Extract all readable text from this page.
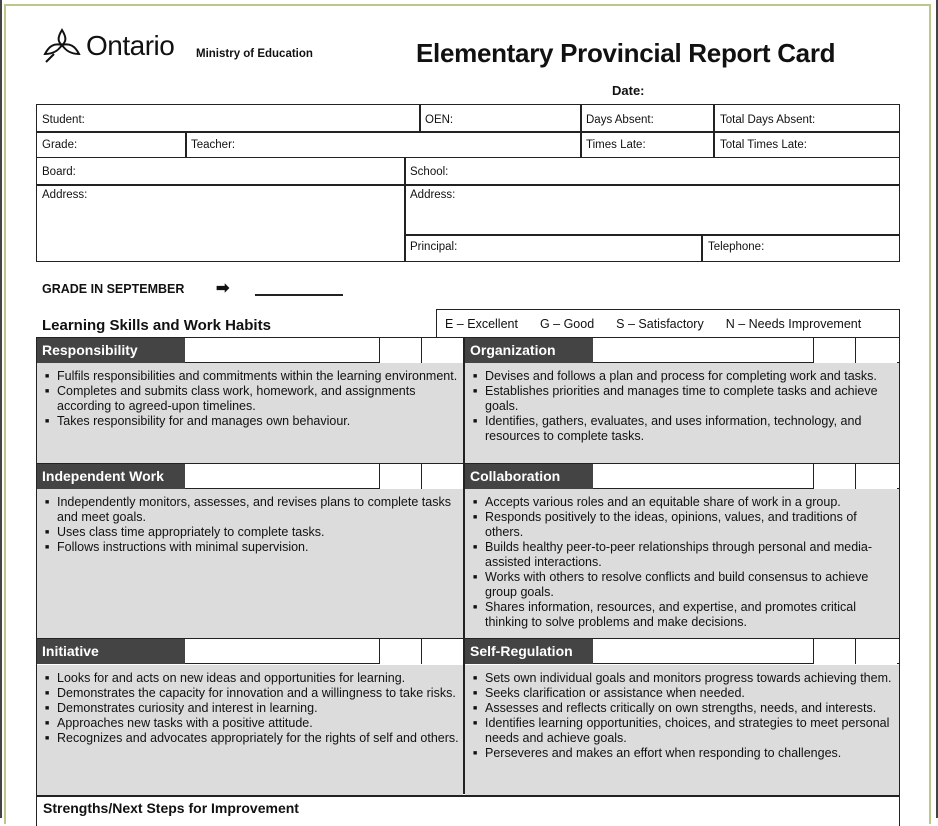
Ontario Ministry of Education	Elementary Provincial Report Card
Date:
Student:	OEN:	Days Absent:	Total Days Absent:
Grade:	Teacher:	Times Late:	Total Times Late:
Board:	School:
Address:	Address:
Principal:	Telephone:
GRADE IN SEPTEMBER ➡
Learning Skills and Work Habits	E – Excellent G – Good S – Satisfactory N – Needs Improvement
Responsibility
■ Fulfils responsibilities and commitments within the learning environment.
■ Completes and submits class work, homework, and assignments according to agreed-upon timelines.
■ Takes responsibility for and manages own behaviour.
Organization
■ Devises and follows a plan and process for completing work and tasks.
■ Establishes priorities and manages time to complete tasks and achieve goals.
■ Identifies, gathers, evaluates, and uses information, technology, and resources to complete tasks.
Independent Work
■ Independently monitors, assesses, and revises plans to complete tasks and meet goals.
■ Uses class time appropriately to complete tasks.
■ Follows instructions with minimal supervision.
Collaboration
■ Accepts various roles and an equitable share of work in a group.
■ Responds positively to the ideas, opinions, values, and traditions of others.
■ Builds healthy peer-to-peer relationships through personal and media-assisted interactions.
■ Works with others to resolve conflicts and build consensus to achieve group goals.
■ Shares information, resources, and expertise, and promotes critical thinking to solve problems and make decisions.
Initiative
■ Looks for and acts on new ideas and opportunities for learning.
■ Demonstrates the capacity for innovation and a willingness to take risks.
■ Demonstrates curiosity and interest in learning.
■ Approaches new tasks with a positive attitude.
■ Recognizes and advocates appropriately for the rights of self and others.
Self-Regulation
■ Sets own individual goals and monitors progress towards achieving them.
■ Seeks clarification or assistance when needed.
■ Assesses and reflects critically on own strengths, needs, and interests.
■ Identifies learning opportunities, choices, and strategies to meet personal needs and achieve goals.
■ Perseveres and makes an effort when responding to challenges.
Strengths/Next Steps for Improvement
